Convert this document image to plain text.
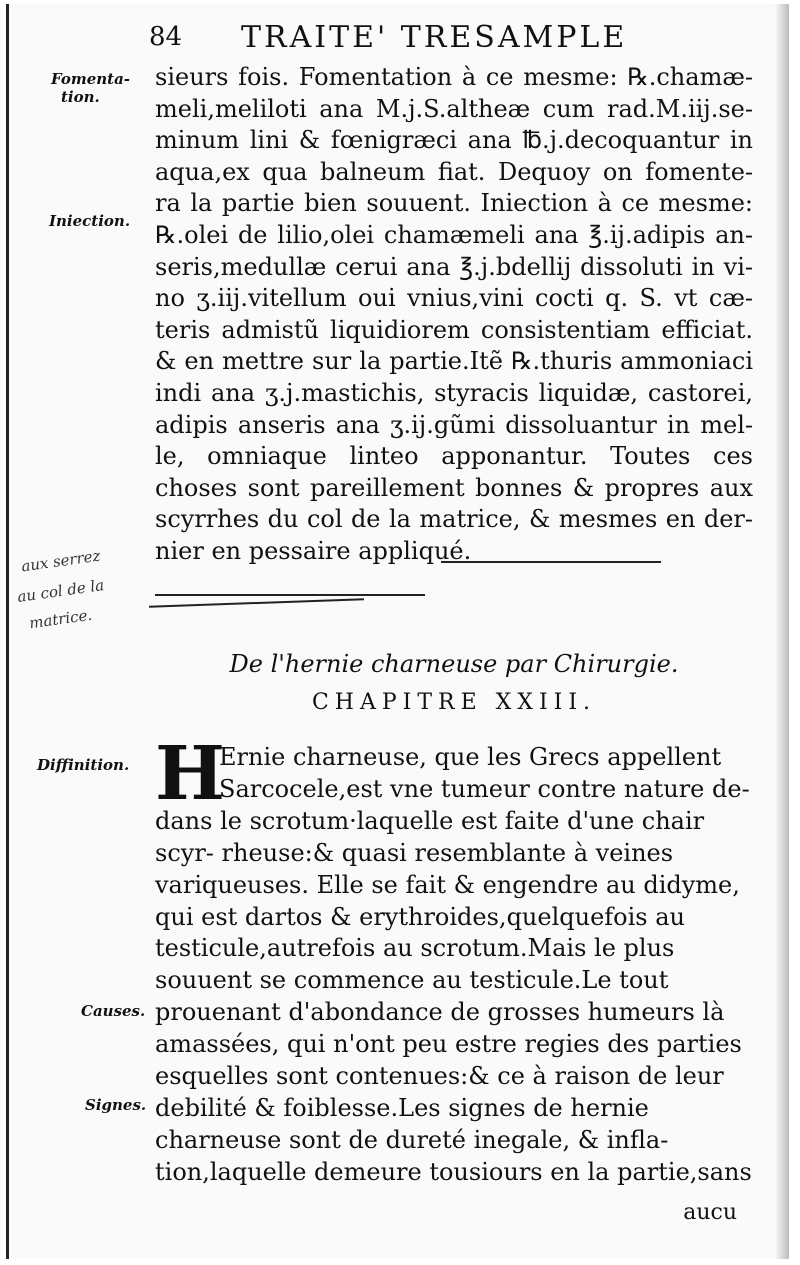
84 TRAITE' TRESAMPLE
Fomenta-
tion.
Iniection.
Diffinition.
Causes.
Signes.
aux serrez
au col de la
matrice.
sieurs fois. Fomentation à ce mesme: ℞.chamæ-
meli,meliloti ana M.j.S.altheæ cum rad.M.iij.se-
minum lini & fœnigræci ana ℔.j.decoquantur in
aqua,ex qua balneum fiat. Dequoy on fomente-
ra la partie bien souuent. Iniection à ce mesme:
℞.olei de lilio,olei chamæmeli ana ℥.ij.adipis an-
seris,medullæ cerui ana ℥.j.bdellij dissoluti in vi-
no ʒ.iij.vitellum oui vnius,vini cocti q. S. vt cæ-
teris admistũ liquidiorem consistentiam efficiat.
& en mettre sur la partie.Itẽ ℞.thuris ammoniaci
indi ana ʒ.j.mastichis, styracis liquidæ, castorei,
adipis anseris ana ʒ.ij.gũmi dissoluantur in mel-
le, omniaque linteo apponantur. Toutes ces
choses sont pareillement bonnes & propres aux
scyrrhes du col de la matrice, & mesmes en der-
nier en pessaire appliqué.
De l'hernie charneuse par Chirurgie.
CHAPITRE XXIII.
H
Ernie charneuse, que les Grecs appellent Sarcocele,est vne tumeur contre nature de- dans le scrotum·laquelle est faite d'une chair scyr- rheuse:& quasi resemblante à veines variqueuses. Elle se fait & engendre au didyme, qui est dartos & erythroides,quelquefois au testicule,autrefois au scrotum.Mais le plus souuent se commence au testicule.Le tout prouenant d'abondance de grosses humeurs là amassées, qui n'ont peu estre regies des parties esquelles sont contenues:& ce à raison de leur debilité & foiblesse.Les signes de hernie charneuse sont de dureté inegale, & infla- tion,laquelle demeure tousiours en la partie,sans
aucu
